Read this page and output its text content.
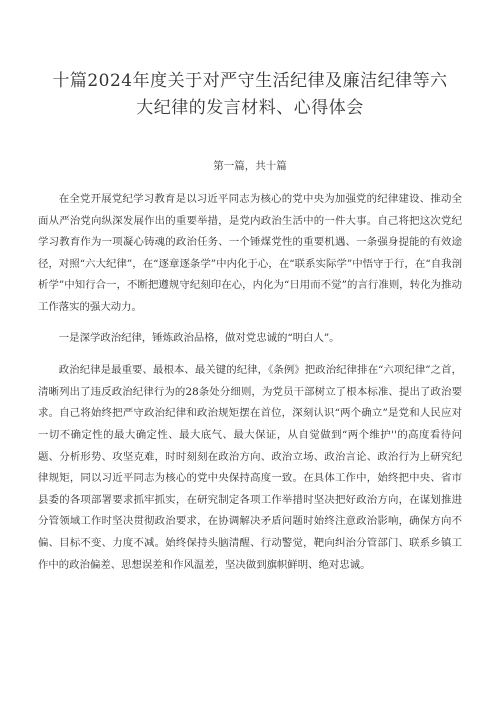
十篇2024年度关于对严守生活纪律及廉洁纪律等六
大纪律的发言材料、心得体会
第一篇，共十篇

在全党开展党纪学习教育是以习近平同志为核心的党中央为加强党的纪律建设、推动全面从严治党向纵深发展作出的重要举措，是党内政治生活中的一件大事。自己将把这次党纪学习教育作为一项凝心铸魂的政治任务、一个锤煤党性的重要机遇、一条强身提能的有效途径，对照“六大纪律”，在“逐章逐条学”中内化于心，在“联系实际学”中悟守于行，在“自我剖析学”中知行合一，不断把遵规守纪刻印在心，内化为“日用而不觉”的言行准则，转化为推动工作落实的强大动力。

一是深学政治纪律，锤炼政治品格，做对党忠诚的“明白人”。

政治纪律是最重要、最根本、最关键的纪律，《条例》把政治纪律排在“六项纪律”之首，清晰列出了违反政治纪律行为的28条处分细则，为党员干部树立了根本标准、提出了政治要求。自己将始终把严守政治纪律和政治规矩摆在首位，深刻认识“两个确立”是党和人民应对一切不确定性的最大确定性、最大底气、最大保证，从自觉做到“两个维护''的高度看待问题、分析形势、攻坚克难，时时刻刻在政治方向、政治立场、政治言论、政治行为上研究纪律规矩，同以习近平同志为核心的党中央保持高度一致。在具体工作中，始终把中央、省市县委的各项部署要求抓牢抓实，在研究制定各项工作举措时坚决把好政治方向，在谋划推进分管领域工作时坚决贯彻政治要求，在协调解决矛盾问题时始终注意政治影响，确保方向不偏、目标不变、力度不减。始终保持头脑清醒、行动警觉，靶向纠治分管部门、联系乡镇工作中的政治偏差、思想误差和作风温差，坚决做到旗帜鲜明、绝对忠诚。
